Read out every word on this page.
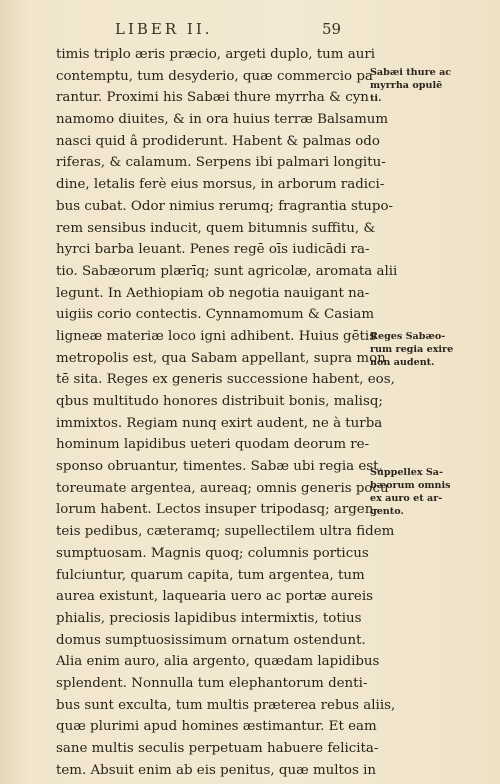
LIBER II.	59
timis triplo æris præcio, argeti duplo, tum auri
contemptu, tum desyderio, quæ commercio pa
rantur. Proximi his Sabæi thure myrrha & cyn
namomo diuites, & in ora huius terræ Balsamum
nasci quid â prodiderunt. Habent & palmas odo
riferas, & calamum. Serpens ibi palmari longitu-
dine, letalis ferè eius morsus, in arborum radici-
bus cubat. Odor nimius rerumq; fragrantia stupo-
rem sensibus inducit, quem bitumnis suffitu, &
hyrci barba leuant. Penes regē oīs iudicādi ra-
tio. Sabæorum plærīq; sunt agricolæ, aromata alii
legunt. In Aethiopiam ob negotia nauigant na-
uigiis corio contectis. Cynnamomum & Casiam
ligneæ materiæ loco igni adhibent. Huius gētis
metropolis est, qua Sabam appellant, supra mon
tē sita. Reges ex generis successione habent, eos,
qbus multitudo honores distribuit bonis, malisq;
immixtos. Regiam nunq exirt audent, ne à turba
hominum lapidibus ueteri quodam deorum re-
sponso obruantur, timentes. Sabæ ubi regia est,
toreumate argentea, aureaq; omnis generis pocu
lorum habent. Lectos insuper tripodasq; argen-
teis pedibus, cæteramq; supellectilem ultra fidem
sumptuosam. Magnis quoq; columnis porticus
fulciuntur, quarum capita, tum argentea, tum
aurea existunt, laquearia uero ac portæ aureis
phialis, preciosis lapidibus intermixtis, totius
domus sumptuosissimum ornatum ostendunt.
Alia enim auro, alia argento, quædam lapidibus
splendent. Nonnulla tum elephantorum denti-
bus sunt exculta, tum multis præterea rebus aliis,
quæ plurimi apud homines æstimantur. Et eam
sane multis seculis perpetuam habuere felicita-
tem. Absuit enim ab eis penitus, quæ multos in
Sabæi thure ac
myrrha opulē
ti.
Reges Sabæo-
rum regia exire
non audent.
Suppellex Sa-
bæorum omnis
ex auro et ar-
gento.
